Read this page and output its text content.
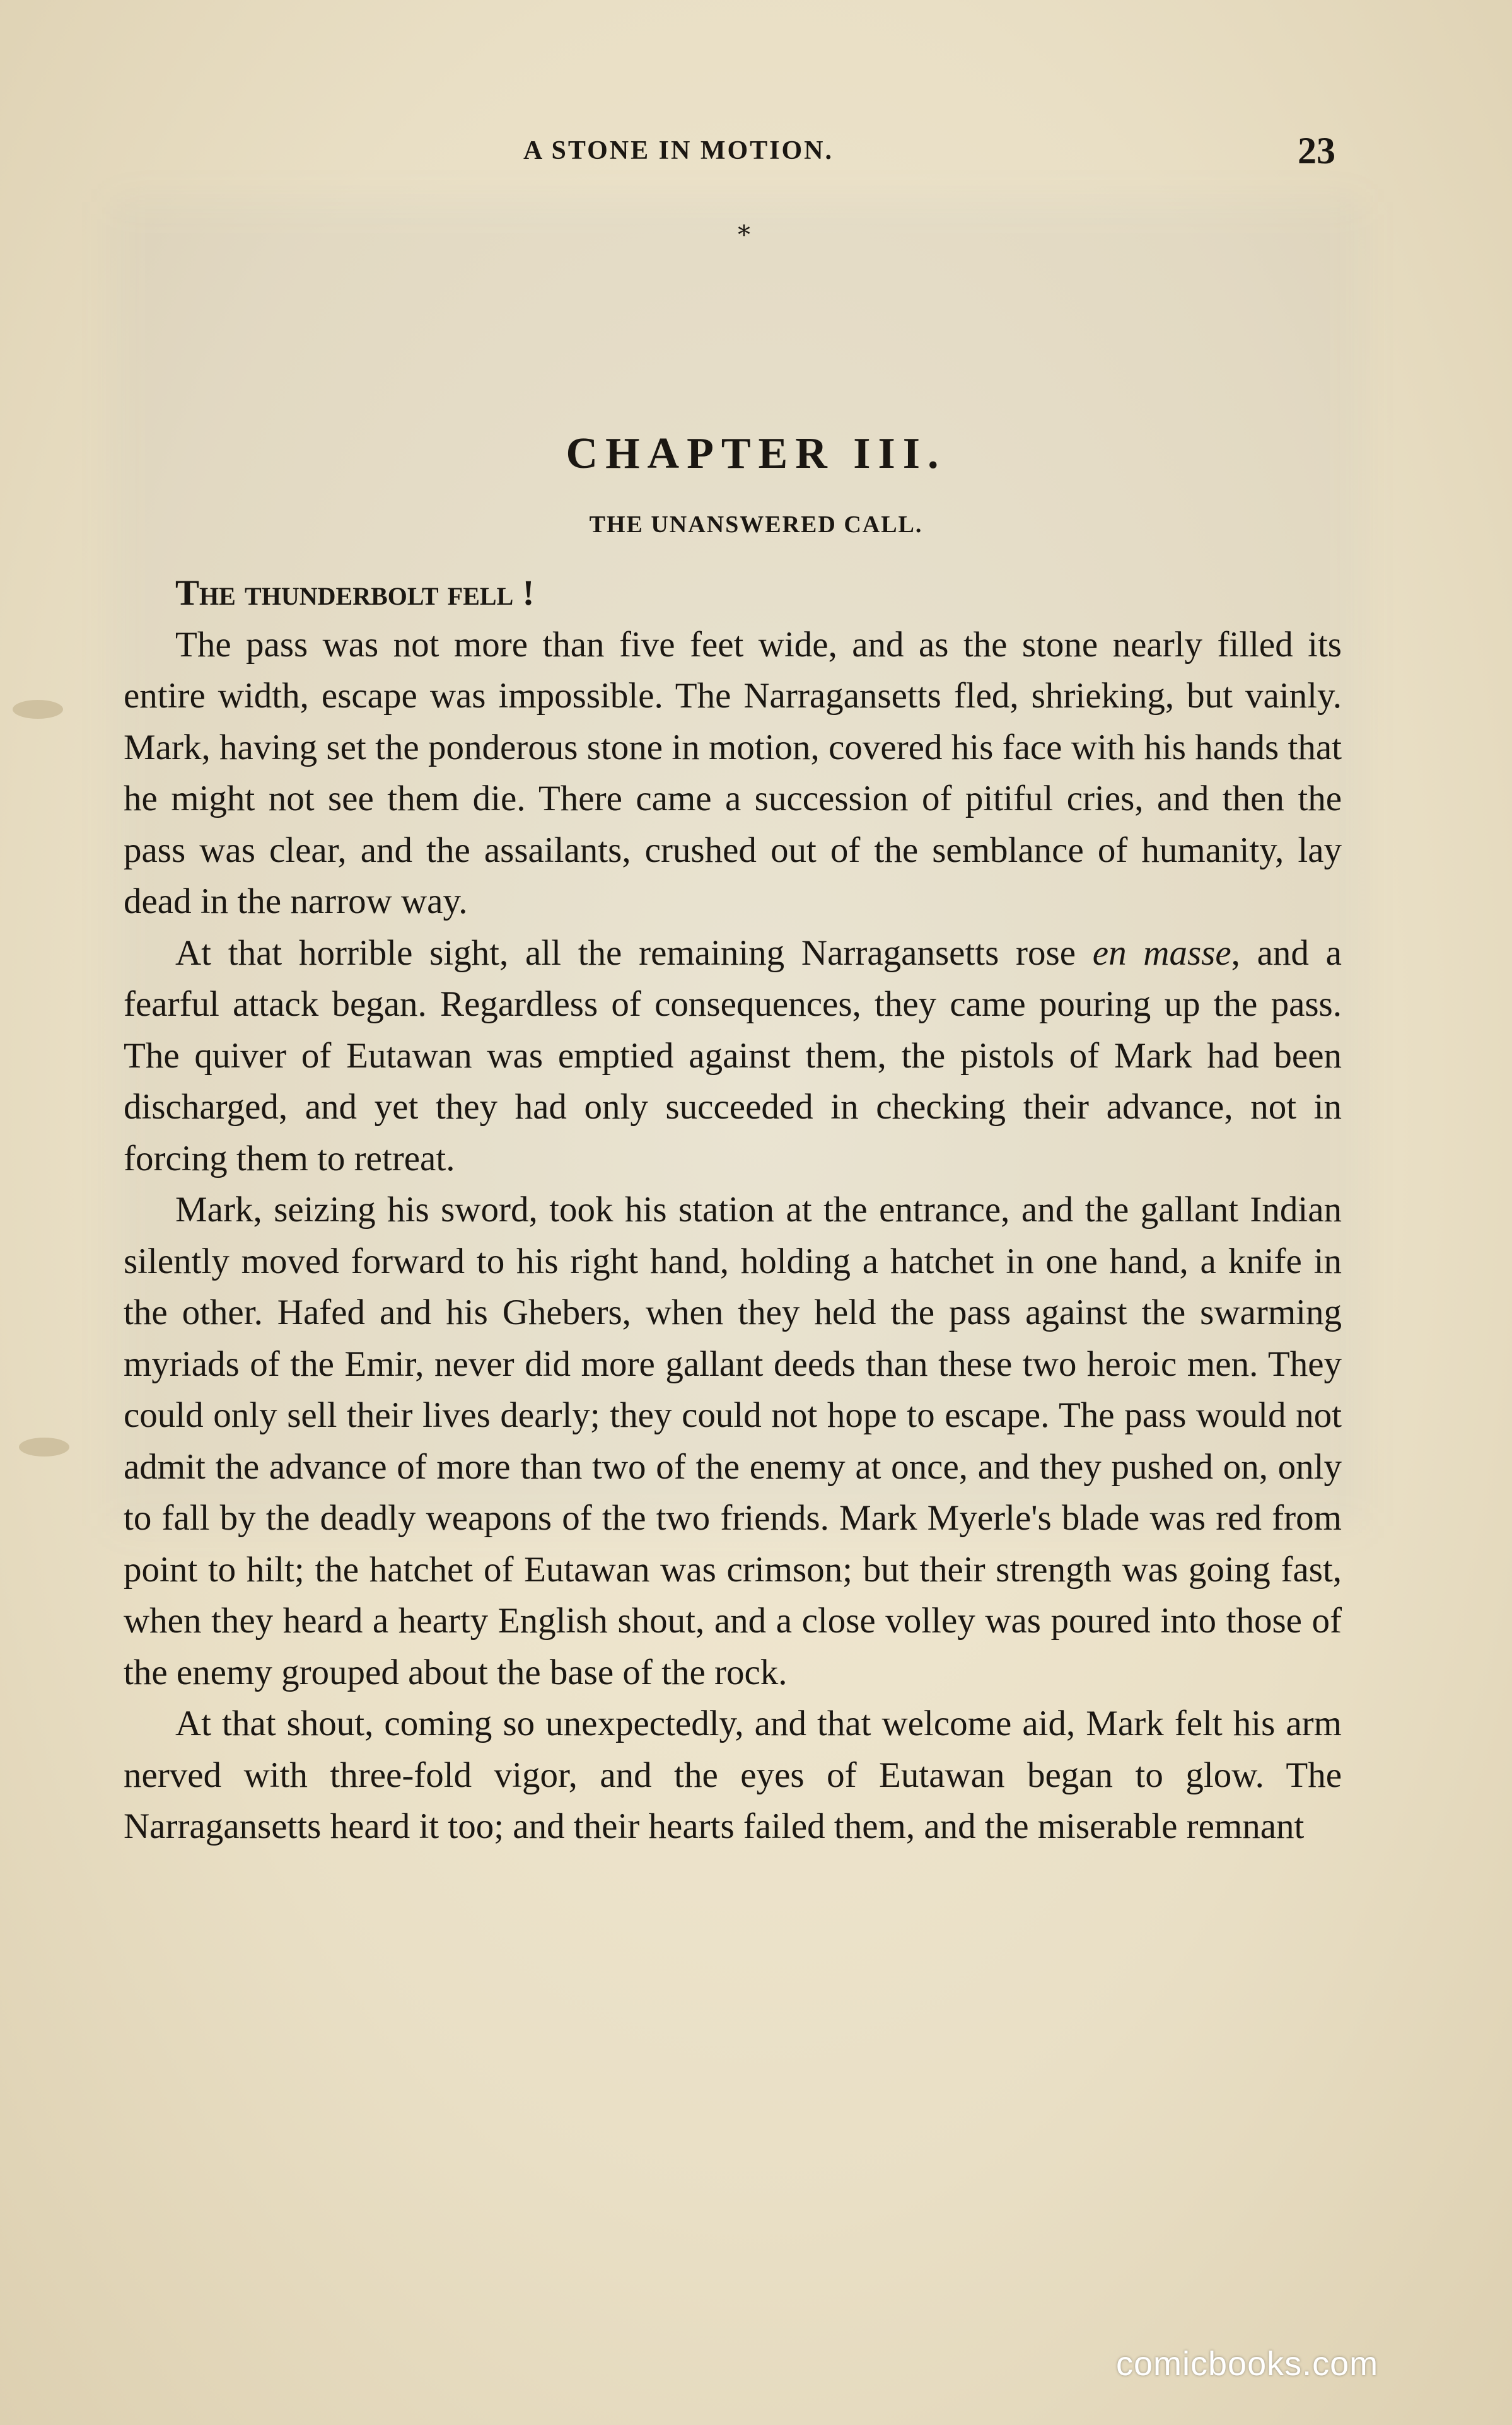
A STONE IN MOTION.	23
*
CHAPTER III.
THE UNANSWERED CALL.

The thunderbolt fell !

The pass was not more than five feet wide, and as the stone nearly filled its entire width, escape was impossible. The Narragansetts fled, shrieking, but vainly. Mark, having set the ponderous stone in motion, covered his face with his hands that he might not see them die. There came a succession of pitiful cries, and then the pass was clear, and the assailants, crushed out of the semblance of humanity, lay dead in the narrow way.

At that horrible sight, all the remaining Narragansetts rose en masse, and a fearful attack began. Regardless of consequences, they came pouring up the pass. The quiver of Eutawan was emptied against them, the pistols of Mark had been discharged, and yet they had only succeeded in checking their advance, not in forcing them to retreat.

Mark, seizing his sword, took his station at the entrance, and the gallant Indian silently moved forward to his right hand, holding a hatchet in one hand, a knife in the other. Hafed and his Ghebers, when they held the pass against the swarming myriads of the Emir, never did more gallant deeds than these two heroic men. They could only sell their lives dearly; they could not hope to escape. The pass would not admit the advance of more than two of the enemy at once, and they pushed on, only to fall by the deadly weapons of the two friends. Mark Myerle's blade was red from point to hilt; the hatchet of Eutawan was crimson; but their strength was going fast, when they heard a hearty English shout, and a close volley was poured into those of the enemy grouped about the base of the rock.

At that shout, coming so unexpectedly, and that welcome aid, Mark felt his arm nerved with three-fold vigor, and the eyes of Eutawan began to glow. The Narragansetts heard it too; and their hearts failed them, and the miserable remnant

comicbooks.com
